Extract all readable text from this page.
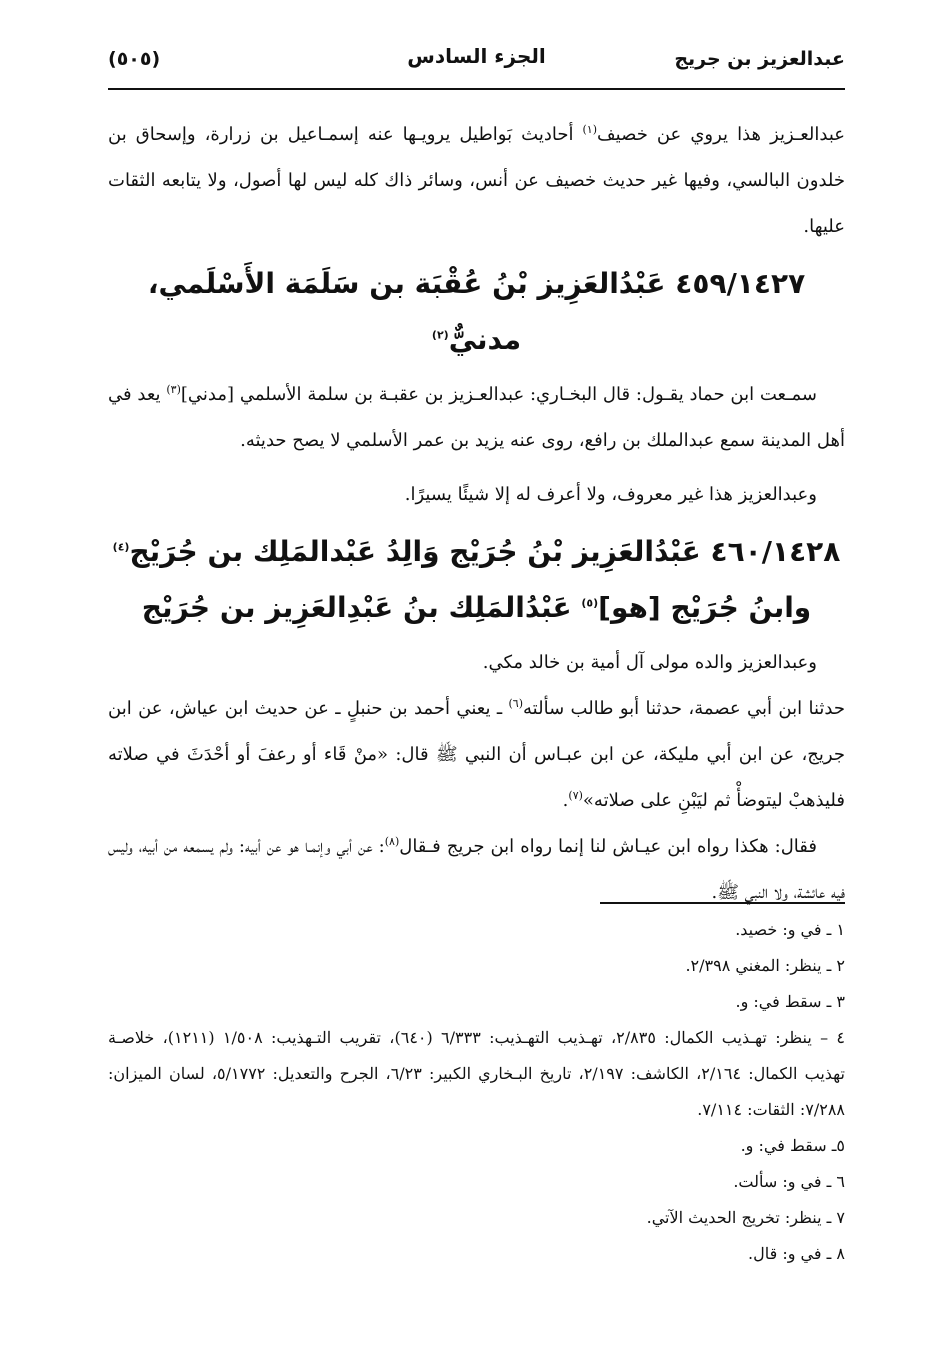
عبدالعزيز بن جريج
الجزء السادس
(٥٠٥)

عبدالعـزيز هذا يروي عن خصيف$^{(١)}$ أحاديث بَواطيل يرويـها عنه إسمـاعيل بن زرارة، وإسحاق بن خلدون البالسي، وفيها غير حديث خصيف عن أنس، وسائر ذاك كله ليس لها أصول، ولا يتابعه الثقات عليها.

٤٥٩/١٤٢٧ عَبْدُالعَزِيز بْنُ عُقْبَة بن سَلَمَة الأَسْلَمي، مدنيٌّ$^{(٢)}$

سمـعت ابن حماد يقـول: قال البخـاري: عبدالعـزيز بن عقبـة بن سلمة الأسلمي [مدني]$^{(٣)}$ يعد في أهل المدينة سمع عبدالملك بن رافع، روى عنه يزيد بن عمر الأسلمي لا يصح حديثه.

وعبدالعزيز هذا غير معروف، ولا أعرف له إلا شيئًا يسيرًا.

٤٦٠/١٤٢٨ عَبْدُالعَزِيز بْنُ جُرَيْج وَالِدُ عَبْدالمَلِك بن جُرَيْج$^{(٤)}$
وابنُ جُرَيْج [هو]$^{(٥)}$ عَبْدُالمَلِك بنُ عَبْدِالعَزِيز بن جُرَيْج

وعبدالعزيز والده مولى آل أمية بن خالد مكي.

حدثنا ابن أبي عصمة، حدثنا أبو طالب سألته$^{(٦)}$ ـ يعني أحمد بن حنبلٍ ـ عن حديث ابن عياش، عن ابن جريج، عن ابن أبي مليكة، عن ابن عبـاس أن النبي ﷺ قال: «منْ قَاء أو رعفَ أو أحْدَثَ في صلاته فليذهبْ ليتوضأْ ثم ليَبْنِ على صلاته»$^{(٧)}$.

فقال: هكذا رواه ابن عيـاش لنا إنما رواه ابن جريج فـقال$^{(٨)}$: عن أبي وإنمـا هو عن أبيه: ولم يسمعه من أبيه، وليس فيه عائشة، ولا النبي ﷺ.

١ ـ في و: خصيد.
٢ ـ ينظر: المغني ٢/٣٩٨.
٣ ـ سقط في: و.
٤ – ينظر: تهـذيب الكمال: ٢/٨٣٥، تهـذيب التهـذيب: ٦/٣٣٣ (٦٤٠)، تقريب التـهذيب: ١/٥٠٨ (١٢١١)، خلاصـة تهذيب الكمال: ٢/١٦٤، الكاشف: ٢/١٩٧، تاريخ البـخاري الكبير: ٦/٢٣، الجرح والتعديل: ٥/١٧٧٢، لسان الميزان: ٧/٢٨٨: الثقات: ٧/١١٤.
٥ـ سقط في: و.
٦ ـ في و: سألت.
٧ ـ ينظر: تخريج الحديث الآتي.
٨ ـ في و: قال.
